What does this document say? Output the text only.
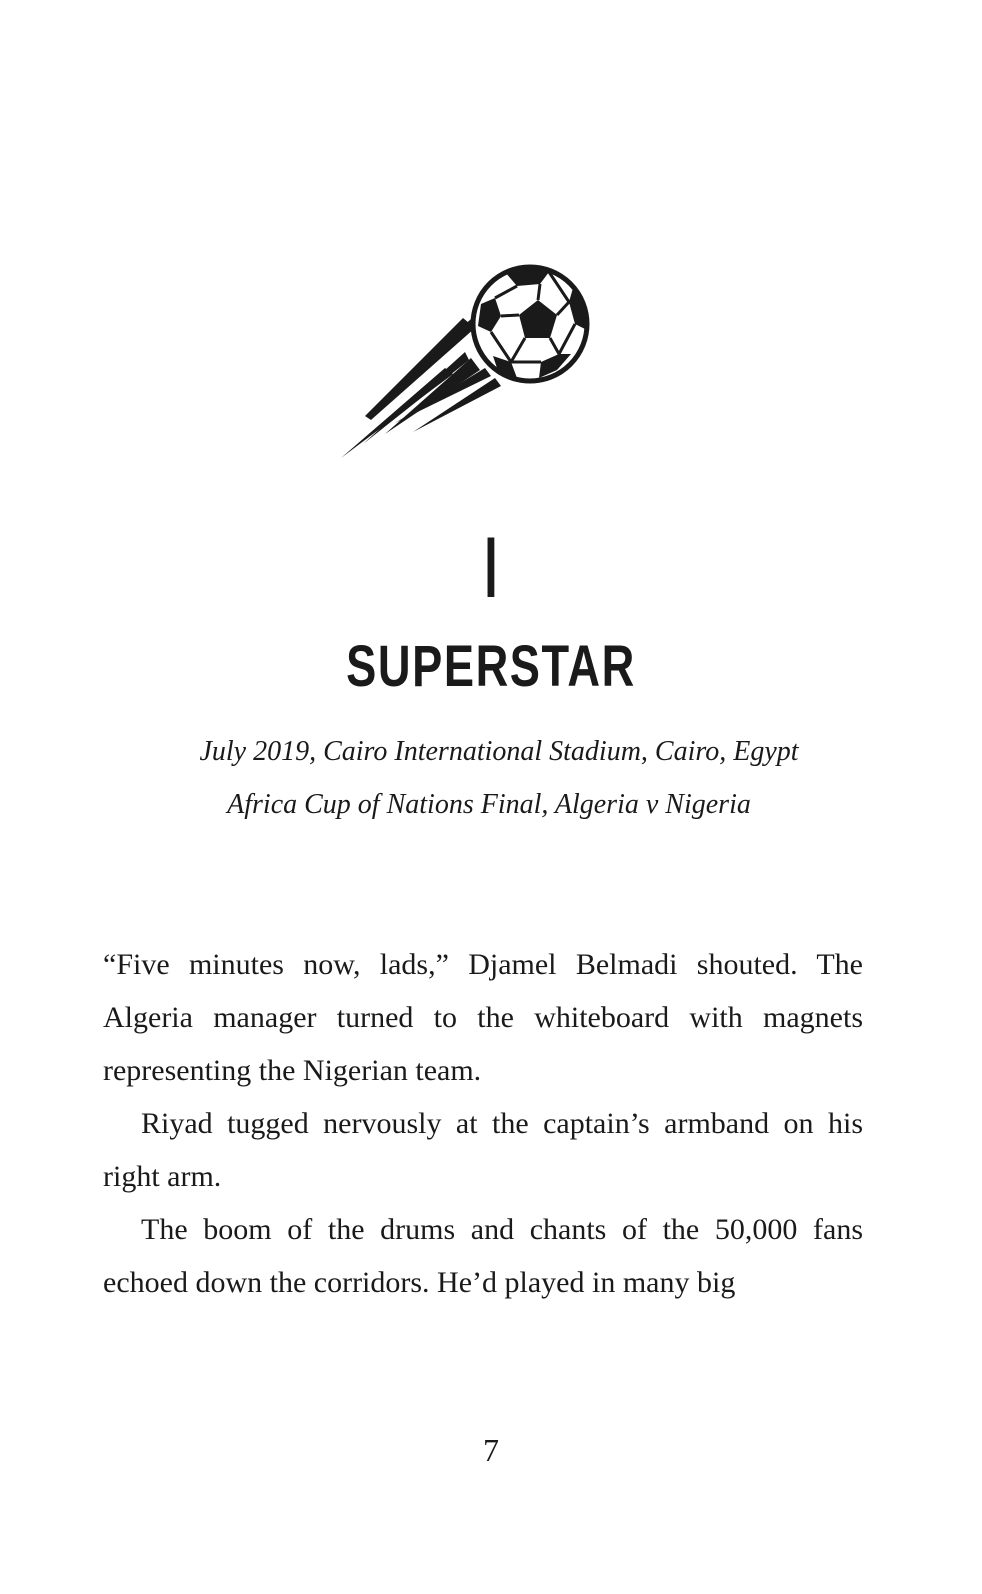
I
SUPERSTAR
July 2019, Cairo International Stadium, Cairo, Egypt
Africa Cup of Nations Final, Algeria v Nigeria

“Five minutes now, lads,” Djamel Belmadi shouted. The Algeria manager turned to the whiteboard with magnets representing the Nigerian team.

Riyad tugged nervously at the captain’s armband on his right arm.

The boom of the drums and chants of the 50,000 fans echoed down the corridors. He’d played in many big

7
